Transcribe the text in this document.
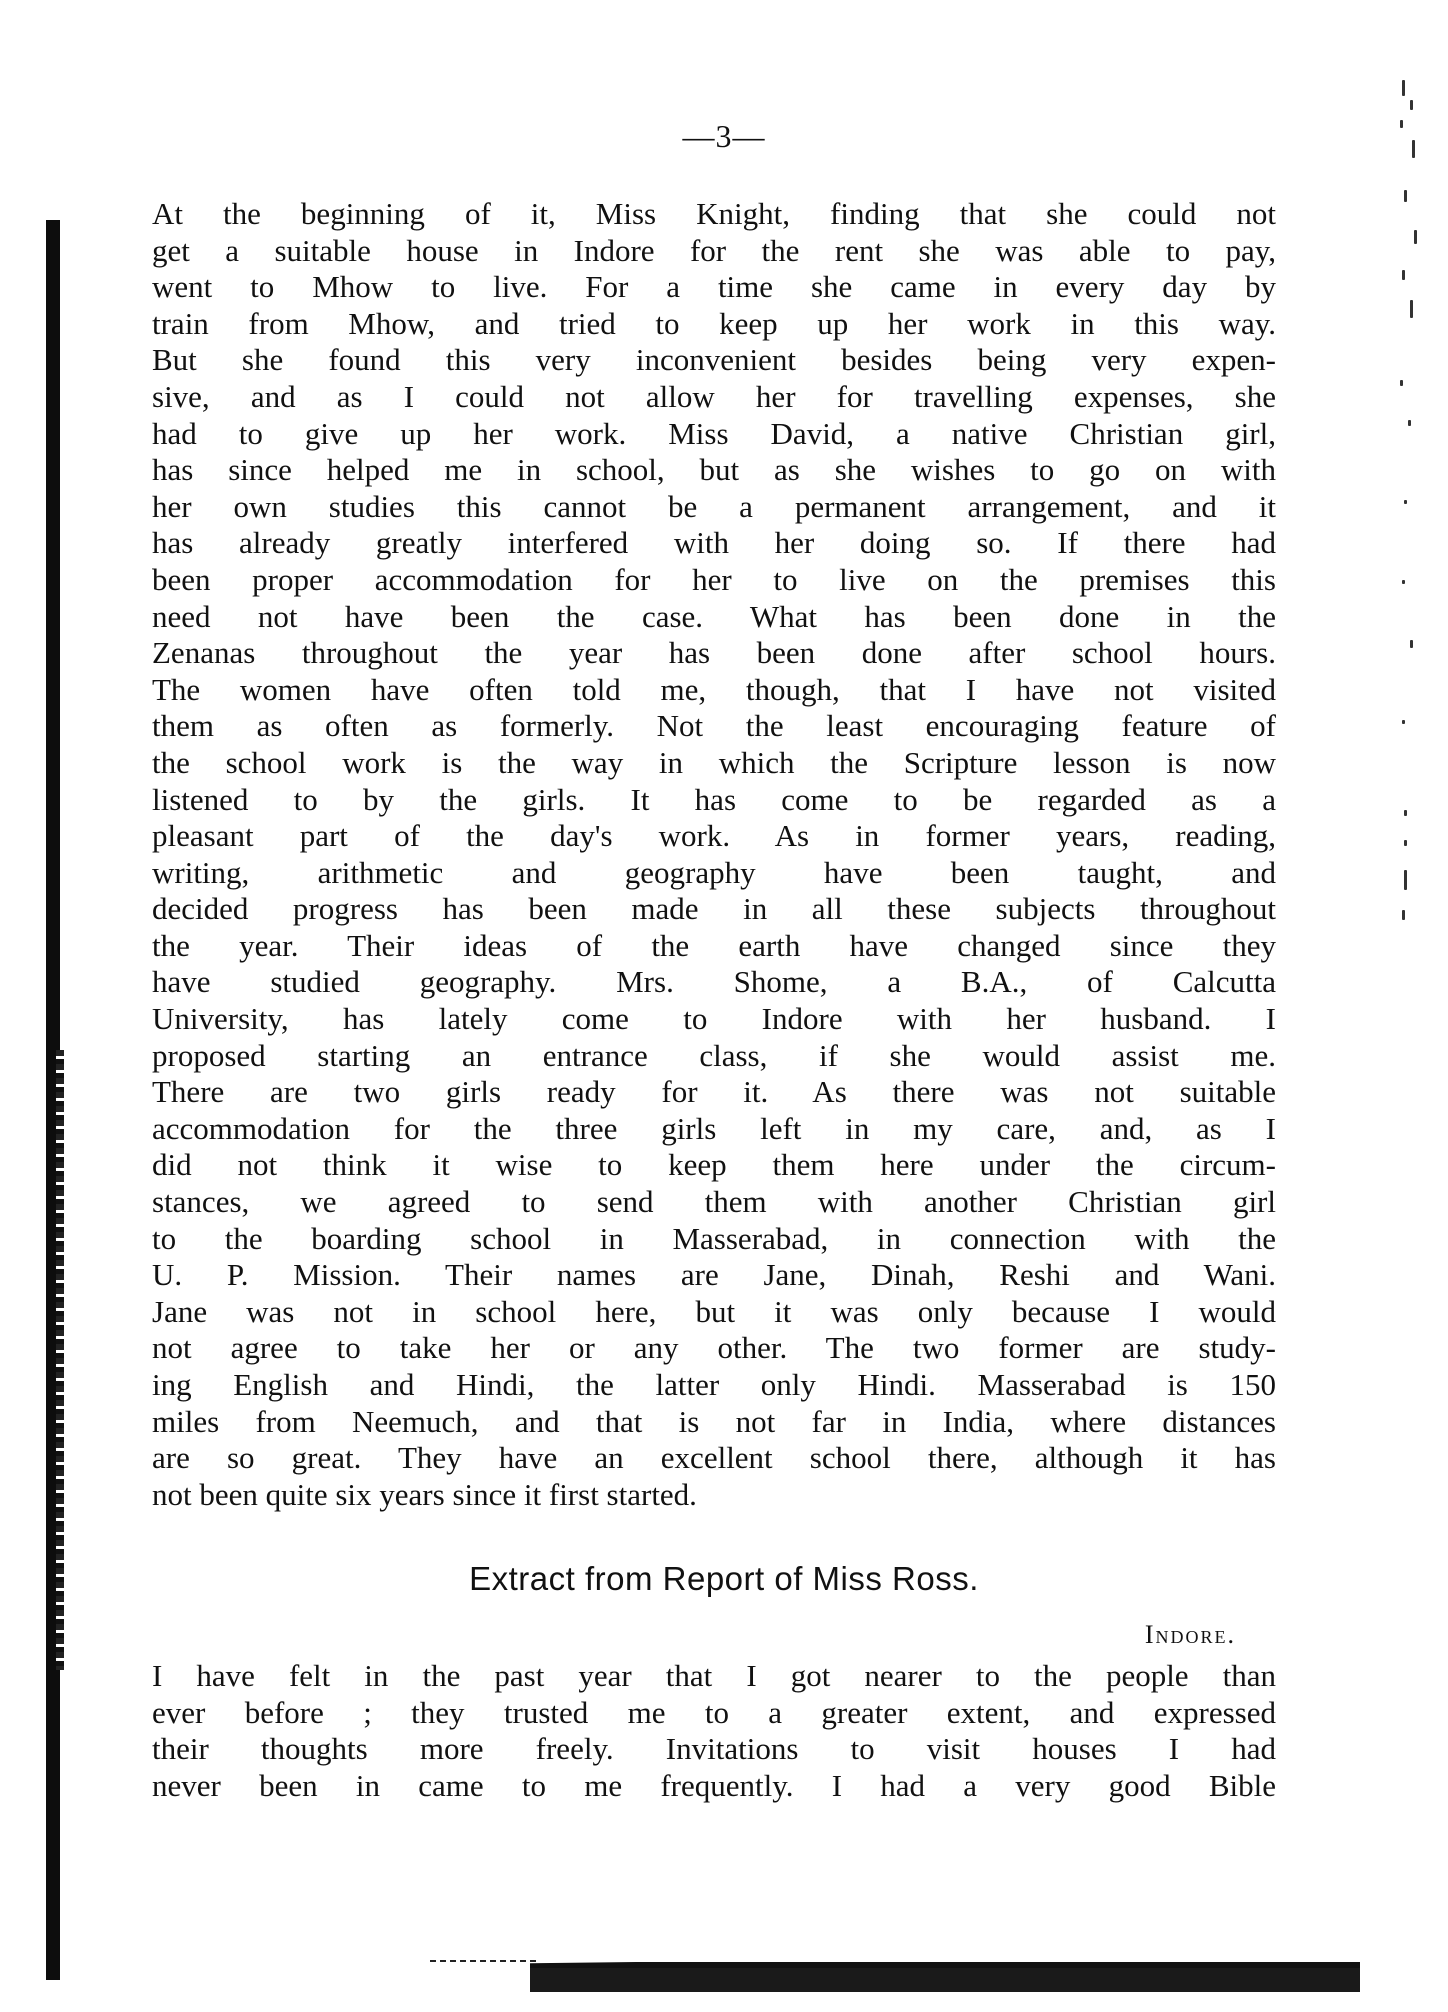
—3—
At the beginning of it, Miss Knight, finding that she could not
get a suitable house in Indore for the rent she was able to pay,
went to Mhow to live. For a time she came in every day by
train from Mhow, and tried to keep up her work in this way.
But she found this very inconvenient besides being very expen-
sive, and as I could not allow her for travelling expenses, she
had to give up her work. Miss David, a native Christian girl,
has since helped me in school, but as she wishes to go on with
her own studies this cannot be a permanent arrangement, and it
has already greatly interfered with her doing so. If there had
been proper accommodation for her to live on the premises this
need not have been the case. What has been done in the
Zenanas throughout the year has been done after school hours.
The women have often told me, though, that I have not visited
them as often as formerly. Not the least encouraging feature of
the school work is the way in which the Scripture lesson is now
listened to by the girls. It has come to be regarded as a
pleasant part of the day's work. As in former years, reading,
writing, arithmetic and geography have been taught, and
decided progress has been made in all these subjects throughout
the year. Their ideas of the earth have changed since they
have studied geography. Mrs. Shome, a B.A., of Calcutta
University, has lately come to Indore with her husband. I
proposed starting an entrance class, if she would assist me.
There are two girls ready for it. As there was not suitable
accommodation for the three girls left in my care, and, as I
did not think it wise to keep them here under the circum-
stances, we agreed to send them with another Christian girl
to the boarding school in Masserabad, in connection with the
U. P. Mission. Their names are Jane, Dinah, Reshi and Wani.
Jane was not in school here, but it was only because I would
not agree to take her or any other. The two former are study-
ing English and Hindi, the latter only Hindi. Masserabad is 150
miles from Neemuch, and that is not far in India, where distances
are so great. They have an excellent school there, although it has
not been quite six years since it first started.
Extract from Report of Miss Ross.
Indore.
I have felt in the past year that I got nearer to the people than
ever before ; they trusted me to a greater extent, and expressed
their thoughts more freely. Invitations to visit houses I had
never been in came to me frequently. I had a very good Bible
